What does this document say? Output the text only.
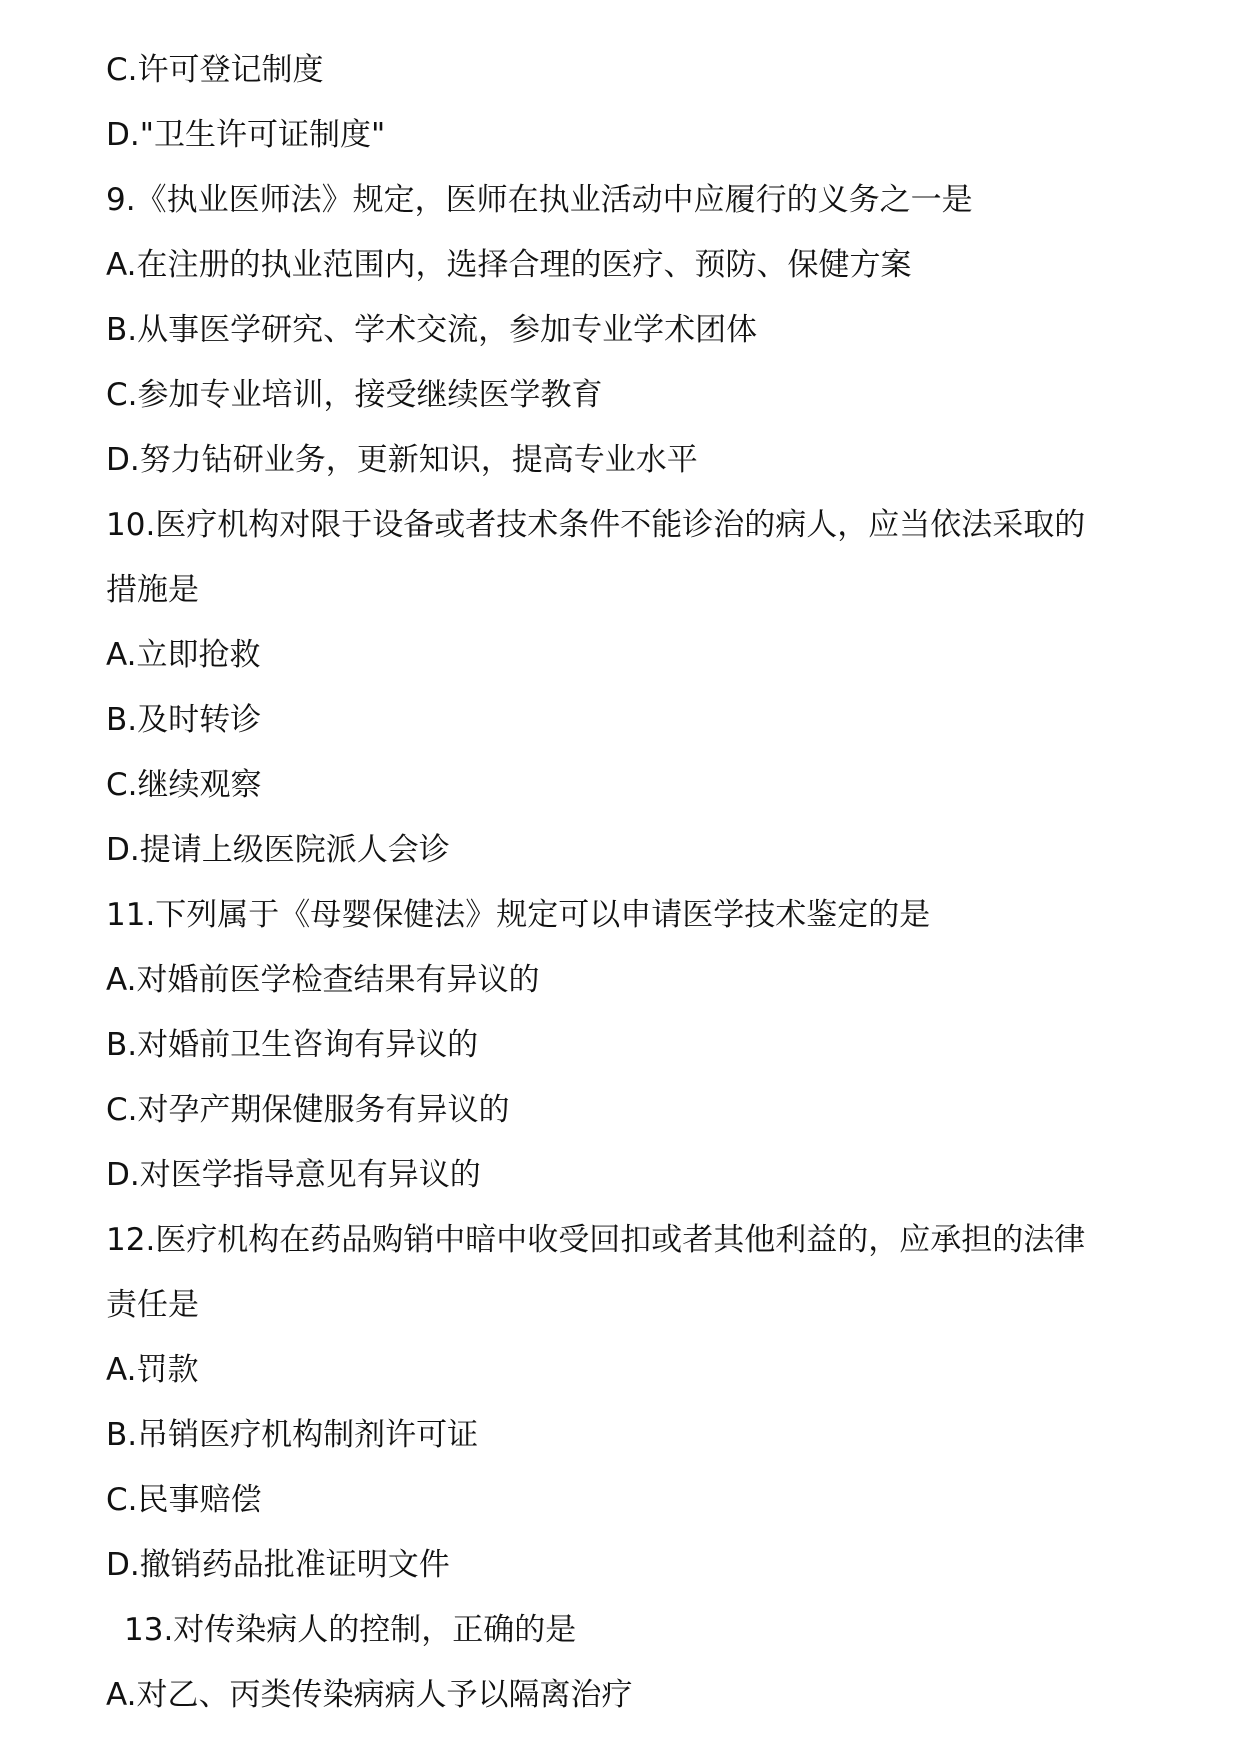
C.许可登记制度

D."卫生许可证制度"

9.《执业医师法》规定，医师在执业活动中应履行的义务之一是

A.在注册的执业范围内，选择合理的医疗、预防、保健方案

B.从事医学研究、学术交流，参加专业学术团体

C.参加专业培训，接受继续医学教育

D.努力钻研业务，更新知识，提高专业水平

10.医疗机构对限于设备或者技术条件不能诊治的病人，应当依法采取的

措施是

A.立即抢救

B.及时转诊

C.继续观察

D.提请上级医院派人会诊

11.下列属于《母婴保健法》规定可以申请医学技术鉴定的是

A.对婚前医学检查结果有异议的

B.对婚前卫生咨询有异议的

C.对孕产期保健服务有异议的

D.对医学指导意见有异议的

12.医疗机构在药品购销中暗中收受回扣或者其他利益的，应承担的法律

责任是

A.罚款

B.吊销医疗机构制剂许可证

C.民事赔偿

D.撤销药品批准证明文件

13.对传染病人的控制，正确的是

A.对乙、丙类传染病病人予以隔离治疗
